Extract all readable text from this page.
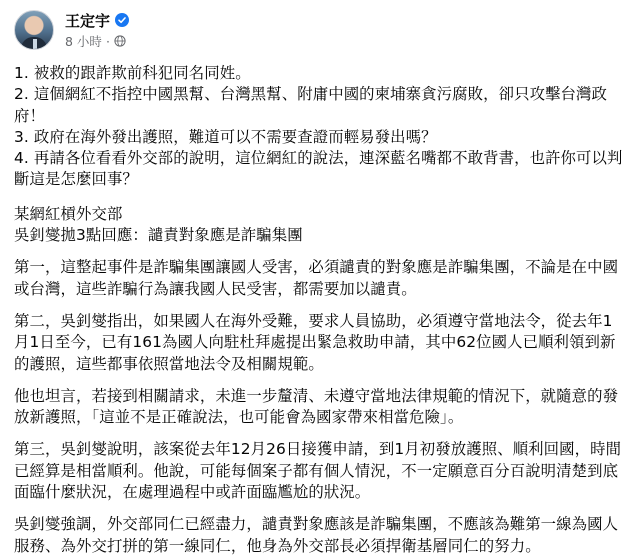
王定宇
8 小時 ·

1. 被救的跟詐欺前科犯同名同姓。
2. 這個網紅不指控中國黑幫、台灣黑幫、附庸中國的柬埔寨貪污腐敗，卻只攻擊台灣政府！
3. 政府在海外發出護照，難道可以不需要查證而輕易發出嗎？
4. 再請各位看看外交部的說明，這位網紅的說法，連深藍名嘴都不敢背書，也許你可以判斷這是怎麼回事？

某網紅槓外交部
吳釗燮拋3點回應：譴責對象應是詐騙集團

第一，這整起事件是詐騙集團讓國人受害，必須譴責的對象應是詐騙集團，不論是在中國或台灣，這些詐騙行為讓我國人民受害，都需要加以譴責。

第二，吳釗燮指出，如果國人在海外受難，要求人員協助，必須遵守當地法令，從去年1月1日至今，已有161為國人向駐杜拜處提出緊急救助申請，其中62位國人已順利領到新的護照，這些都事依照當地法令及相關規範。

他也坦言，若接到相關請求，未進一步釐清、未遵守當地法律規範的情況下，就隨意的發放新護照，「這並不是正確說法，也可能會為國家帶來相當危險」。

第三，吳釗燮說明，該案從去年12月26日接獲申請，到1月初發放護照、順利回國，時間已經算是相當順利。他說，可能每個案子都有個人情況，不一定願意百分百說明清楚到底面臨什麼狀況，在處理過程中或許面臨尷尬的狀況。

吳釗燮強調，外交部同仁已經盡力，譴責對象應該是詐騙集團，不應該為難第一線為國人服務、為外交打拼的第一線同仁，他身為外交部長必須捍衛基層同仁的努力。
